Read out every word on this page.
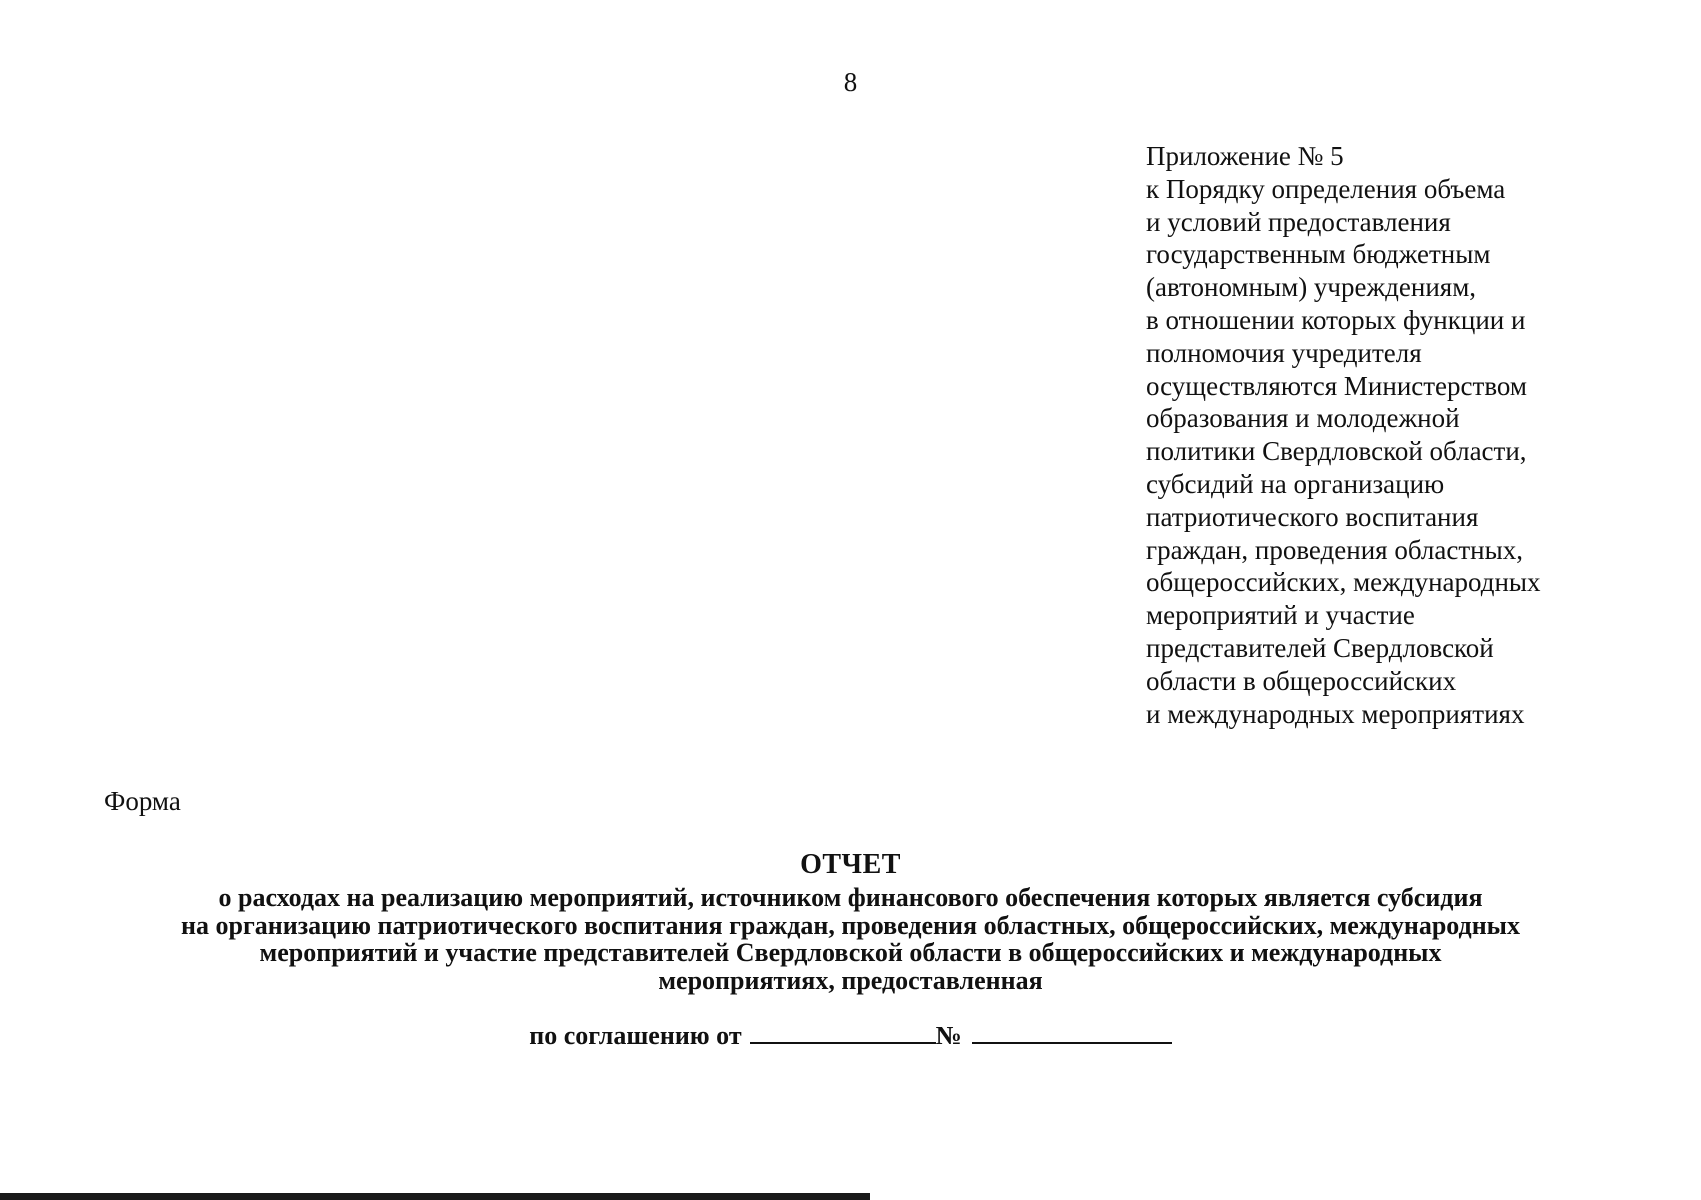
8
Приложение № 5
к Порядку определения объема
и условий предоставления
государственным бюджетным
(автономным) учреждениям,
в отношении которых функции и
полномочия учредителя
осуществляются Министерством
образования и молодежной
политики Свердловской области,
субсидий на организацию
патриотического воспитания
граждан, проведения областных,
общероссийских, международных
мероприятий и участие
представителей Свердловской
области в общероссийских
и международных мероприятиях
Форма
ОТЧЕТ
о расходах на реализацию мероприятий, источником финансового обеспечения которых является субсидия
на организацию патриотического воспитания граждан, проведения областных, общероссийских, международных
мероприятий и участие представителей Свердловской области в общероссийских и международных
мероприятиях, предоставленная
по соглашению от	№
